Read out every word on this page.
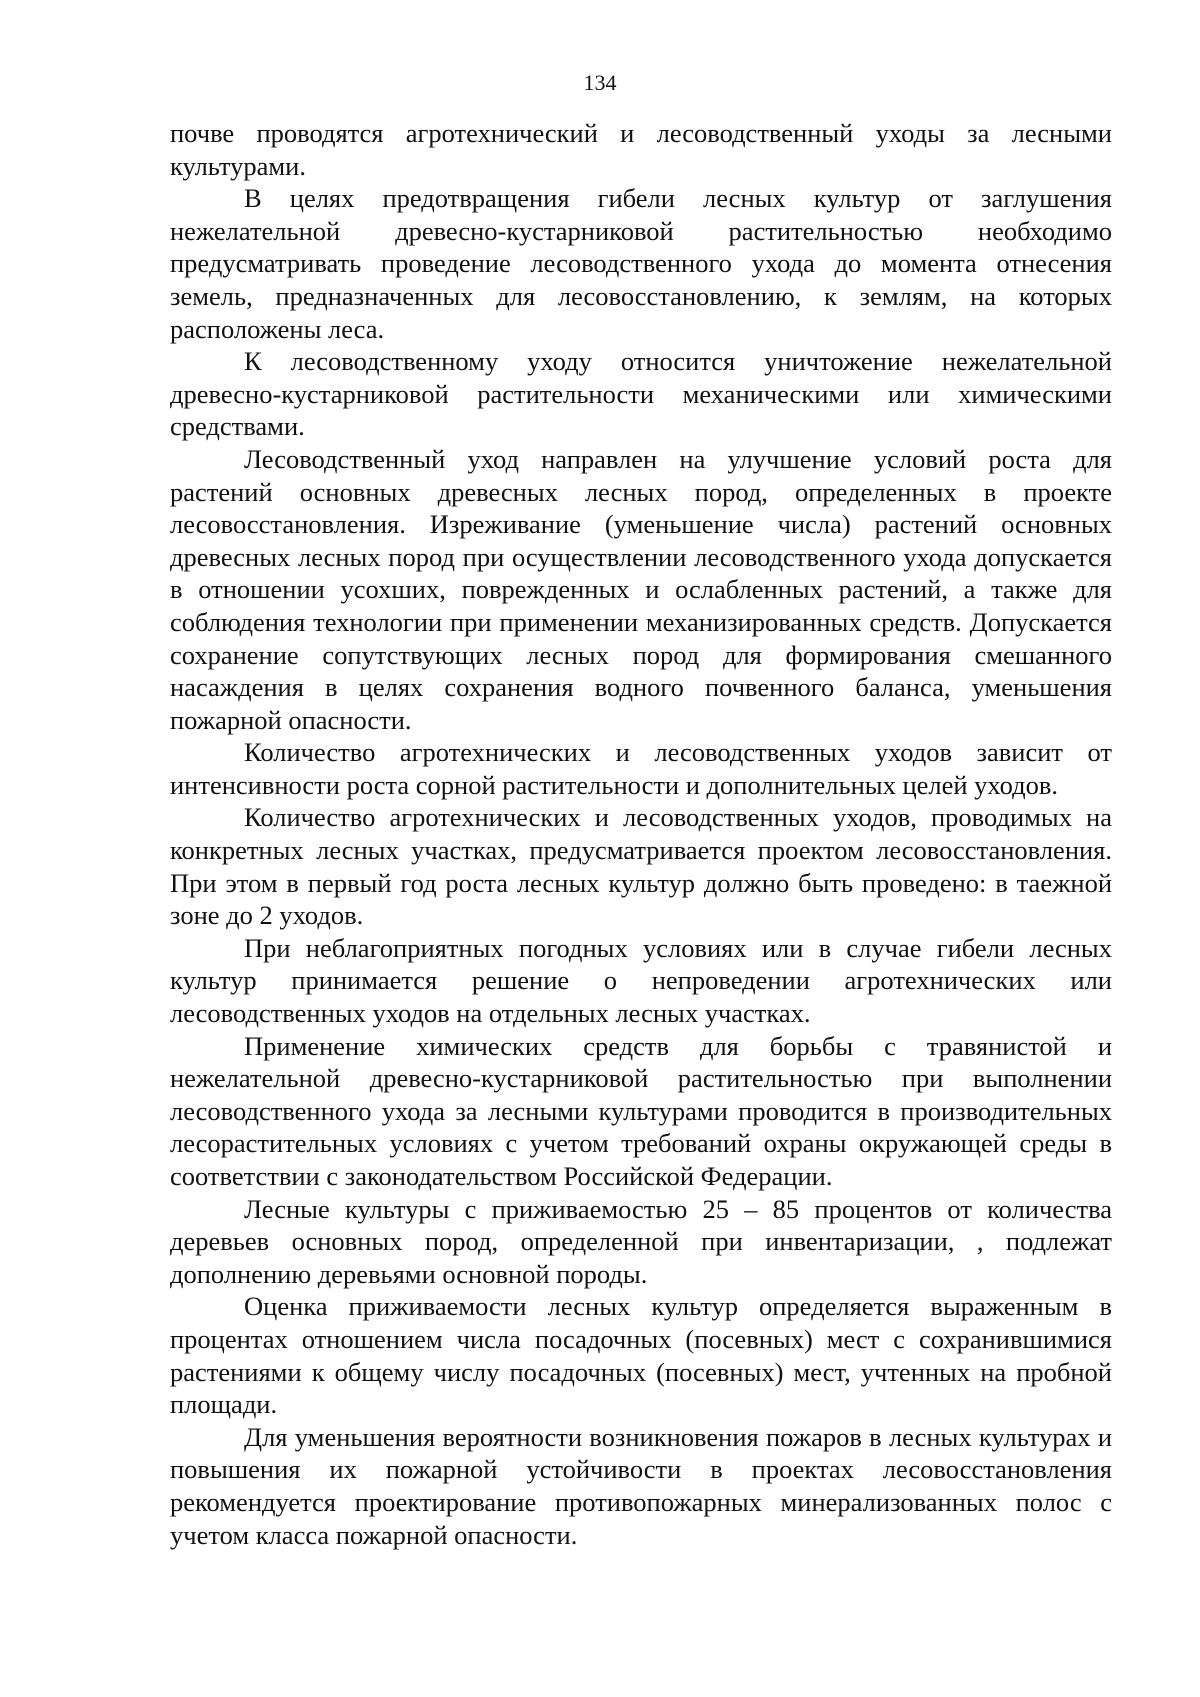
134

почве проводятся агротехнический и лесоводственный уходы за лесными культурами.

В целях предотвращения гибели лесных культур от заглушения нежелательной древесно-кустарниковой растительностью необходимо предусматривать проведение лесоводственного ухода до момента отнесения земель, предназначенных для лесовосстановлению, к землям, на которых расположены леса.

К лесоводственному уходу относится уничтожение нежелательной древесно-кустарниковой растительности механическими или химическими средствами.

Лесоводственный уход направлен на улучшение условий роста для растений основных древесных лесных пород, определенных в проекте лесовосстановления. Изреживание (уменьшение числа) растений основных древесных лесных пород при осуществлении лесоводственного ухода допускается в отношении усохших, поврежденных и ослабленных растений, а также для соблюдения технологии при применении механизированных средств. Допускается сохранение сопутствующих лесных пород для формирования смешанного насаждения в целях сохранения водного почвенного баланса, уменьшения пожарной опасности.

Количество агротехнических и лесоводственных уходов зависит от интенсивности роста сорной растительности и дополнительных целей уходов.

Количество агротехнических и лесоводственных уходов, проводимых на конкретных лесных участках, предусматривается проектом лесовосстановления. При этом в первый год роста лесных культур должно быть проведено: в таежной зоне до 2 уходов.

При неблагоприятных погодных условиях или в случае гибели лесных культур принимается решение о непроведении агротехнических или лесоводственных уходов на отдельных лесных участках.

Применение химических средств для борьбы с травянистой и нежелательной древесно-кустарниковой растительностью при выполнении лесоводственного ухода за лесными культурами проводится в производительных лесорастительных условиях с учетом требований охраны окружающей среды в соответствии с законодательством Российской Федерации.

Лесные культуры с приживаемостью 25 – 85 процентов от количества деревьев основных пород, определенной при инвентаризации, , подлежат дополнению деревьями основной породы.

Оценка приживаемости лесных культур определяется выраженным в процентах отношением числа посадочных (посевных) мест с сохранившимися растениями к общему числу посадочных (посевных) мест, учтенных на пробной площади.

Для уменьшения вероятности возникновения пожаров в лесных культурах и повышения их пожарной устойчивости в проектах лесовосстановления рекомендуется проектирование противопожарных минерализованных полос с учетом класса пожарной опасности.
